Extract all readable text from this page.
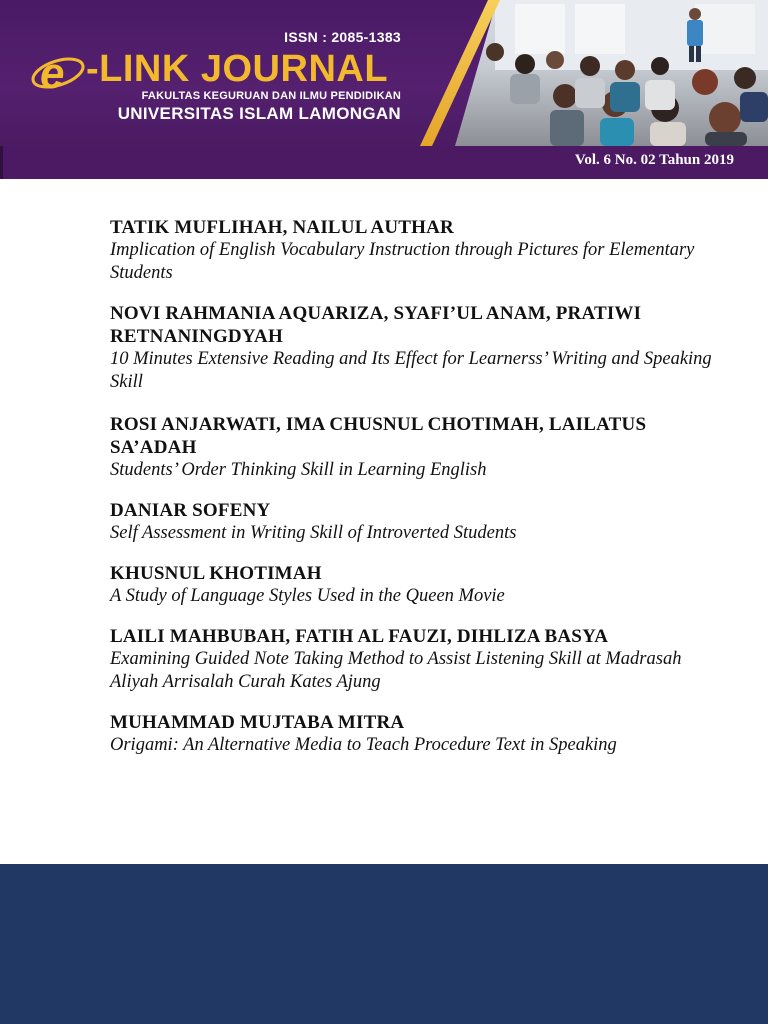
ISSN : 2085-1383
e -LINK JOURNAL
FAKULTAS KEGURUAN DAN ILMU PENDIDIKAN
UNIVERSITAS ISLAM LAMONGAN
Vol. 6 No. 02 Tahun 2019
TATIK MUFLIHAH, NAILUL AUTHAR
Implication of English Vocabulary Instruction through Pictures for Elementary Students
NOVI RAHMANIA AQUARIZA, SYAFI’UL ANAM, PRATIWI RETNANINGDYAH
10 Minutes Extensive Reading and Its Effect for Learnerss’ Writing and Speaking Skill
ROSI ANJARWATI, IMA CHUSNUL CHOTIMAH, LAILATUS SA’ADAH
Students’ Order Thinking Skill in Learning English
DANIAR SOFENY
Self Assessment in Writing Skill of Introverted Students
KHUSNUL KHOTIMAH
A Study of Language Styles Used in the Queen Movie
LAILI MAHBUBAH, FATIH AL FAUZI, DIHLIZA BASYA
Examining Guided Note Taking Method to Assist Listening Skill at Madrasah Aliyah Arrisalah Curah Kates Ajung
MUHAMMAD MUJTABA MITRA
Origami: An Alternative Media to Teach Procedure Text in Speaking
